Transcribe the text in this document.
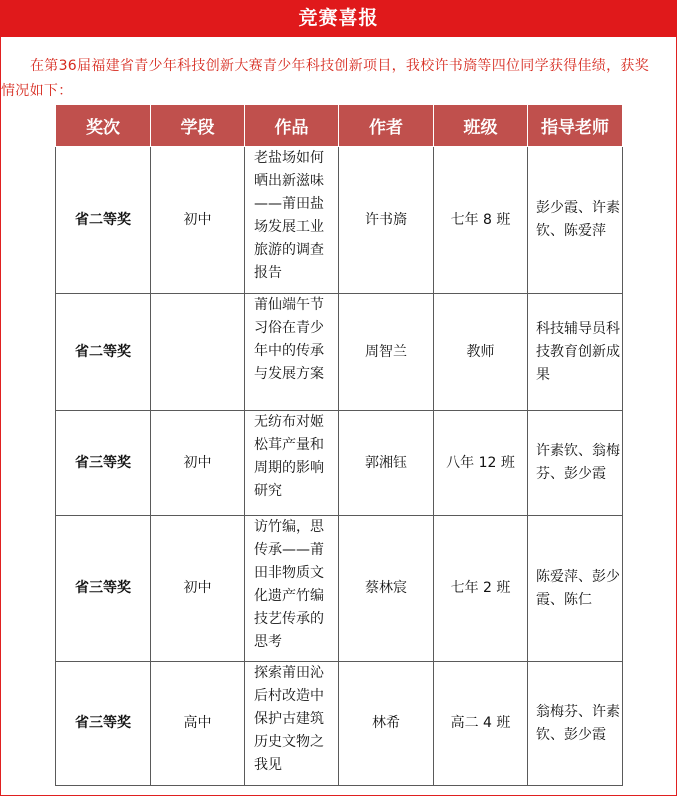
竞赛喜报
在第36届福建省青少年科技创新大赛青少年科技创新项目，我校许书旖等四位同学获得佳绩，获奖情况如下：
奖次	学段	作品	作者	班级	指导老师
省二等奖	初中	老盐场如何晒出新滋味——莆田盐场发展工业旅游的调查报告	许书旖	七年 8 班	彭少霞、许素钦、陈爱萍
省二等奖		莆仙端午节习俗在青少年中的传承与发展方案	周智兰	教师	科技辅导员科技教育创新成果
省三等奖	初中	无纺布对姬松茸产量和周期的影响研究	郭湘钰	八年 12 班	许素钦、翁梅芬、彭少霞
省三等奖	初中	访竹编，思传承——莆田非物质文化遗产竹编技艺传承的思考	蔡林宸	七年 2 班	陈爱萍、彭少霞、陈仁
省三等奖	高中	探索莆田沁后村改造中保护古建筑历史文物之我见	林希	高二 4 班	翁梅芬、许素钦、彭少霞
